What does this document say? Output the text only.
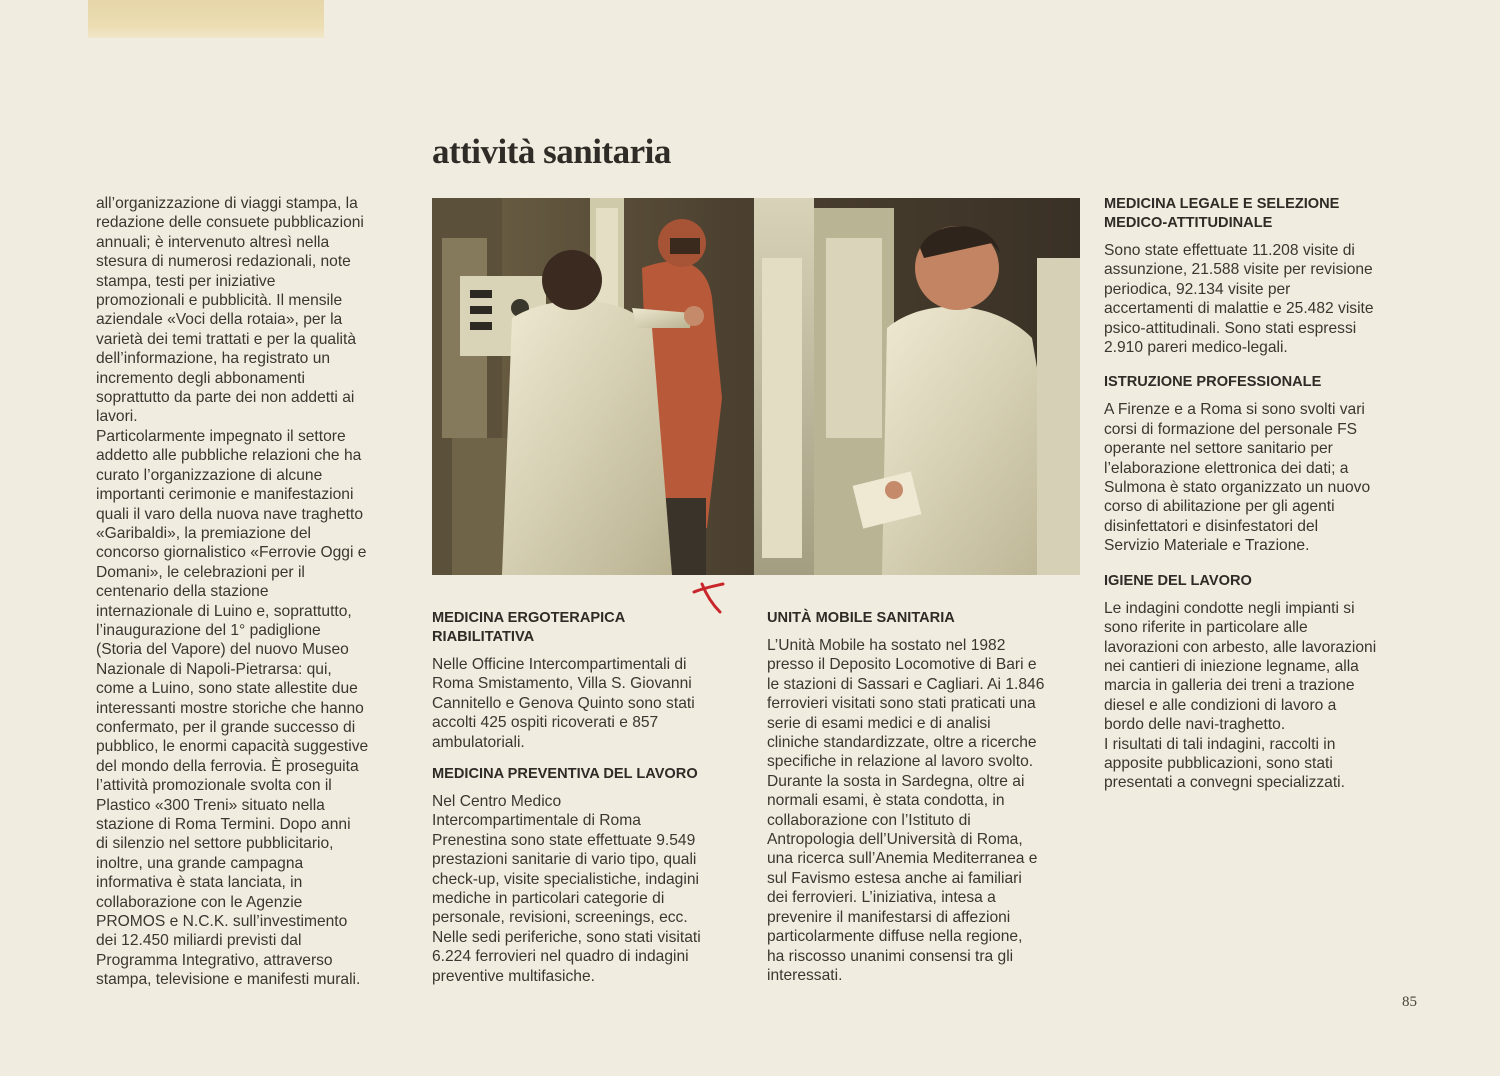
attività sanitaria
all’organizzazione di viaggi stampa, la
redazione delle consuete pubblicazioni
annuali; è intervenuto altresì nella
stesura di numerosi redazionali, note
stampa, testi per iniziative
promozionali e pubblicità. Il mensile
aziendale «Voci della rotaia», per la
varietà dei temi trattati e per la qualità
dell’informazione, ha registrato un
incremento degli abbonamenti
soprattutto da parte dei non addetti ai
lavori.
Particolarmente impegnato il settore
addetto alle pubbliche relazioni che ha
curato l’organizzazione di alcune
importanti cerimonie e manifestazioni
quali il varo della nuova nave traghetto
«Garibaldi», la premiazione del
concorso giornalistico «Ferrovie Oggi e
Domani», le celebrazioni per il
centenario della stazione
internazionale di Luino e, soprattutto,
l’inaugurazione del 1° padiglione
(Storia del Vapore) del nuovo Museo
Nazionale di Napoli-Pietrarsa: qui,
come a Luino, sono state allestite due
interessanti mostre storiche che hanno
confermato, per il grande successo di
pubblico, le enormi capacità suggestive
del mondo della ferrovia. È proseguita
l’attività promozionale svolta con il
Plastico «300 Treni» situato nella
stazione di Roma Termini. Dopo anni
di silenzio nel settore pubblicitario,
inoltre, una grande campagna
informativa è stata lanciata, in
collaborazione con le Agenzie
PROMOS e N.C.K. sull’investimento
dei 12.450 miliardi previsti dal
Programma Integrativo, attraverso
stampa, televisione e manifesti murali.
MEDICINA ERGOTERAPICA
RIABILITATIVA
Nelle Officine Intercompartimentali di
Roma Smistamento, Villa S. Giovanni
Cannitello e Genova Quinto sono stati
accolti 425 ospiti ricoverati e 857
ambulatoriali.
MEDICINA PREVENTIVA DEL LAVORO
Nel Centro Medico
Intercompartimentale di Roma
Prenestina sono state effettuate 9.549
prestazioni sanitarie di vario tipo, quali
check-up, visite specialistiche, indagini
mediche in particolari categorie di
personale, revisioni, screenings, ecc.
Nelle sedi periferiche, sono stati visitati
6.224 ferrovieri nel quadro di indagini
preventive multifasiche.
UNITÀ MOBILE SANITARIA
L’Unità Mobile ha sostato nel 1982
presso il Deposito Locomotive di Bari e
le stazioni di Sassari e Cagliari. Ai 1.846
ferrovieri visitati sono stati praticati una
serie di esami medici e di analisi
cliniche standardizzate, oltre a ricerche
specifiche in relazione al lavoro svolto.
Durante la sosta in Sardegna, oltre ai
normali esami, è stata condotta, in
collaborazione con l’Istituto di
Antropologia dell’Università di Roma,
una ricerca sull’Anemia Mediterranea e
sul Favismo estesa anche ai familiari
dei ferrovieri. L’iniziativa, intesa a
prevenire il manifestarsi di affezioni
particolarmente diffuse nella regione,
ha riscosso unanimi consensi tra gli
interessati.
MEDICINA LEGALE E SELEZIONE
MEDICO-ATTITUDINALE
Sono state effettuate 11.208 visite di
assunzione, 21.588 visite per revisione
periodica, 92.134 visite per
accertamenti di malattie e 25.482 visite
psico-attitudinali. Sono stati espressi
2.910 pareri medico-legali.
ISTRUZIONE PROFESSIONALE
A Firenze e a Roma si sono svolti vari
corsi di formazione del personale FS
operante nel settore sanitario per
l’elaborazione elettronica dei dati; a
Sulmona è stato organizzato un nuovo
corso di abilitazione per gli agenti
disinfettatori e disinfestatori del
Servizio Materiale e Trazione.
IGIENE DEL LAVORO
Le indagini condotte negli impianti si
sono riferite in particolare alle
lavorazioni con arbesto, alle lavorazioni
nei cantieri di iniezione legname, alla
marcia in galleria dei treni a trazione
diesel e alle condizioni di lavoro a
bordo delle navi-traghetto.
I risultati di tali indagini, raccolti in
apposite pubblicazioni, sono stati
presentati a convegni specializzati.
85
